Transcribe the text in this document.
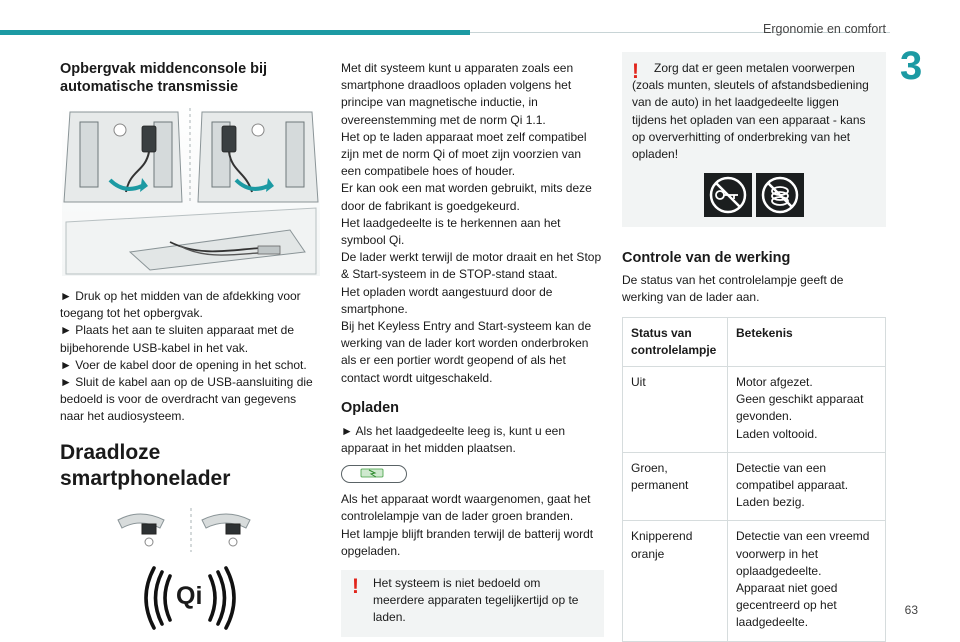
Ergonomie en comfort
3
63
Opbergvak middenconsole bij
automatische transmissie

► Druk op het midden van de afdekking voor toegang tot het opbergvak.

► Plaats het aan te sluiten apparaat met de bijbehorende USB-kabel in het vak.

► Voer de kabel door de opening in het schot.

► Sluit de kabel aan op de USB-aansluiting die bedoeld is voor de overdracht van gegevens naar het audiosysteem.

Draadloze smartphonelader
Qi

Met dit systeem kunt u apparaten zoals een smartphone draadloos opladen volgens het principe van magnetische inductie, in overeenstemming met de norm Qi 1.1.

Het op te laden apparaat moet zelf compatibel zijn met de norm Qi of moet zijn voorzien van een compatibele hoes of houder.

Er kan ook een mat worden gebruikt, mits deze door de fabrikant is goedgekeurd.

Het laadgedeelte is te herkennen aan het symbool Qi.

De lader werkt terwijl de motor draait en het Stop & Start-systeem in de STOP-stand staat.

Het opladen wordt aangestuurd door de smartphone.

Bij het Keyless Entry and Start-systeem kan de werking van de lader kort worden onderbroken als er een portier wordt geopend of als het contact wordt uitgeschakeld.

Opladen

► Als het laadgedeelte leeg is, kunt u een apparaat in het midden plaatsen.

Als het apparaat wordt waargenomen, gaat het controlelampje van de lader groen branden.

Het lampje blijft branden terwijl de batterij wordt opgeladen.

! Het systeem is niet bedoeld om meerdere apparaten tegelijkertijd op te laden.

!	Zorg dat er geen metalen voorwerpen (zoals munten, sleutels of afstandsbediening van de auto) in het laadgedeelte liggen tijdens het opladen van een apparaat - kans op oververhitting of onderbreking van het opladen!

Controle van de werking

De status van het controlelampje geeft de werking van de lader aan.

Status van controlelampje	Betekenis
Uit	Motor afgezet.
Geen geschikt apparaat gevonden.
Laden voltooid.
Groen, permanent	Detectie van een compatibel apparaat.
Laden bezig.
Knipperend oranje	Detectie van een vreemd voorwerp in het oplaadgedeelte.
Apparaat niet goed gecentreerd op het laadgedeelte.
